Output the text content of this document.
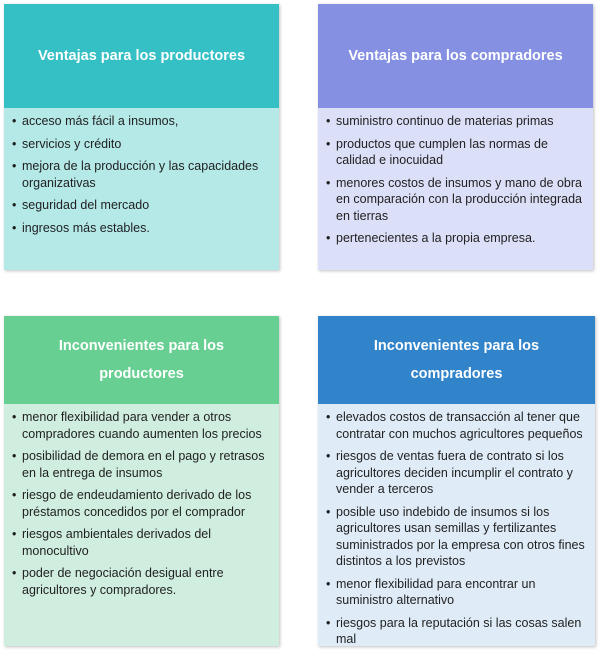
Ventajas para los productores
• acceso más fácil a insumos,
• servicios y crédito
• mejora de la producción y las capacidades organizativas
• seguridad del mercado
• ingresos más estables.
Ventajas para los compradores
• suministro continuo de materias primas
• productos que cumplen las normas de calidad e inocuidad
• menores costos de insumos y mano de obra en comparación con la producción integrada en tierras
• pertenecientes a la propia empresa.
Inconvenientes para los productores
• menor flexibilidad para vender a otros compradores cuando aumenten los precios
• posibilidad de demora en el pago y retrasos en la entrega de insumos
• riesgo de endeudamiento derivado de los préstamos concedidos por el comprador
• riesgos ambientales derivados del monocultivo
• poder de negociación desigual entre agricultores y compradores.
Inconvenientes para los compradores
• elevados costos de transacción al tener que contratar con muchos agricultores pequeños
• riesgos de ventas fuera de contrato si los agricultores deciden incumplir el contrato y vender a terceros
• posible uso indebido de insumos si los agricultores usan semillas y fertilizantes suministrados por la empresa con otros fines distintos a los previstos
• menor flexibilidad para encontrar un suministro alternativo
• riesgos para la reputación si las cosas salen mal
